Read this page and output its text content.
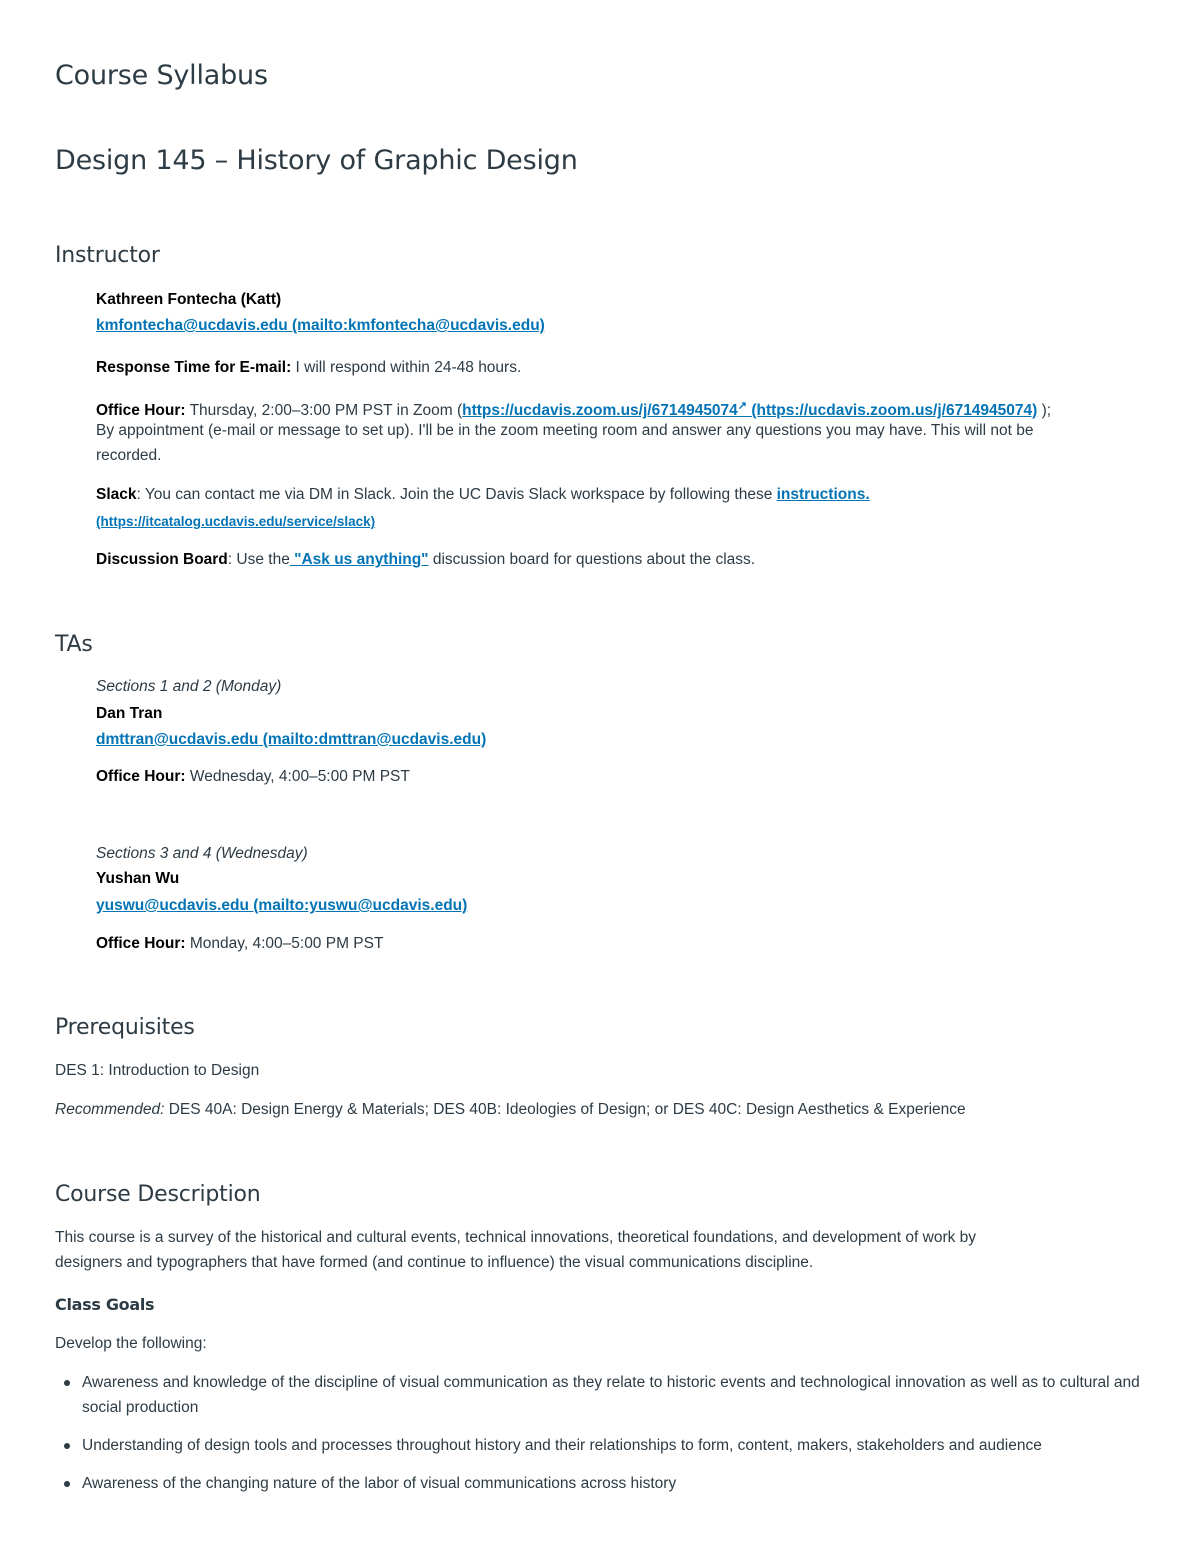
Course Syllabus
Design 145 – History of Graphic Design
Instructor
Kathreen Fontecha (Katt)
kmfontecha@ucdavis.edu (mailto:kmfontecha@ucdavis.edu)
Response Time for E-mail: I will respond within 24-48 hours.
Office Hour: Thursday, 2:00–3:00 PM PST in Zoom (https://ucdavis.zoom.us/j/6714945074↗ (https://ucdavis.zoom.us/j/6714945074) );
By appointment (e-mail or message to set up). I'll be in the zoom meeting room and answer any questions you may have. This will not be
recorded.
Slack: You can contact me via DM in Slack. Join the UC Davis Slack workspace by following these instructions.
(https://itcatalog.ucdavis.edu/service/slack)
Discussion Board: Use the "Ask us anything" discussion board for questions about the class.
TAs
Sections 1 and 2 (Monday)
Dan Tran
dmttran@ucdavis.edu (mailto:dmttran@ucdavis.edu)
Office Hour: Wednesday, 4:00–5:00 PM PST
Sections 3 and 4 (Wednesday)
Yushan Wu
yuswu@ucdavis.edu (mailto:yuswu@ucdavis.edu)
Office Hour: Monday, 4:00–5:00 PM PST
Prerequisites
DES 1: Introduction to Design
Recommended: DES 40A: Design Energy & Materials; DES 40B: Ideologies of Design; or DES 40C: Design Aesthetics & Experience
Course Description
This course is a survey of the historical and cultural events, technical innovations, theoretical foundations, and development of work by
designers and typographers that have formed (and continue to influence) the visual communications discipline.
Class Goals
Develop the following:
Awareness and knowledge of the discipline of visual communication as they relate to historic events and technological innovation as well as to cultural and social production
Understanding of design tools and processes throughout history and their relationships to form, content, makers, stakeholders and audience
Awareness of the changing nature of the labor of visual communications across history
